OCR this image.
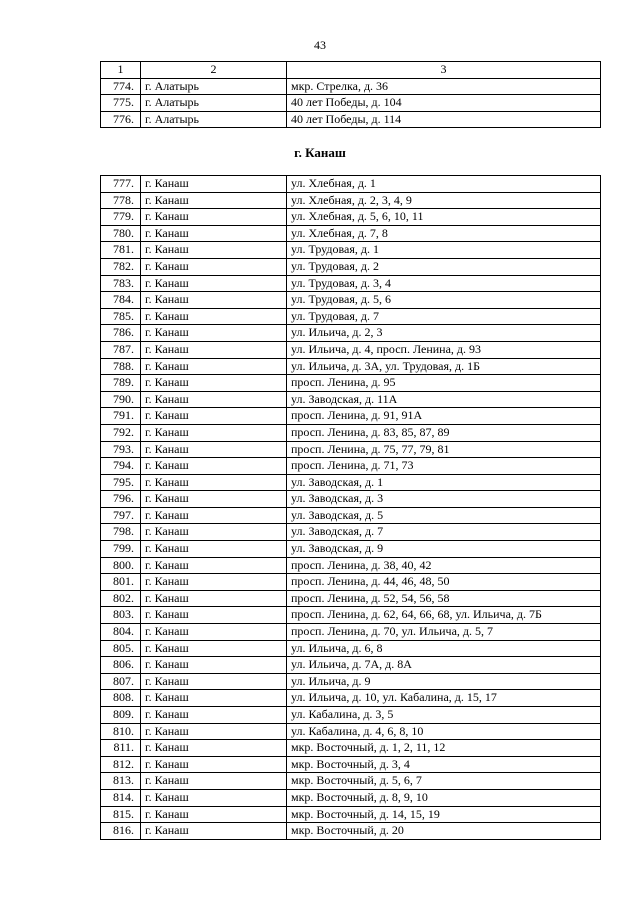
43
1	2	3
774.	г. Алатырь	мкр. Стрелка, д. 36
775.	г. Алатырь	40 лет Победы, д. 104
776.	г. Алатырь	40 лет Победы, д. 114
г. Канаш
777.	г. Канаш	ул. Хлебная, д. 1
778.	г. Канаш	ул. Хлебная, д. 2, 3, 4, 9
779.	г. Канаш	ул. Хлебная, д. 5, 6, 10, 11
780.	г. Канаш	ул. Хлебная, д. 7, 8
781.	г. Канаш	ул. Трудовая, д. 1
782.	г. Канаш	ул. Трудовая, д. 2
783.	г. Канаш	ул. Трудовая, д. 3, 4
784.	г. Канаш	ул. Трудовая, д. 5, 6
785.	г. Канаш	ул. Трудовая, д. 7
786.	г. Канаш	ул. Ильича, д. 2, 3
787.	г. Канаш	ул. Ильича, д. 4, просп. Ленина, д. 93
788.	г. Канаш	ул. Ильича, д. 3А, ул. Трудовая, д. 1Б
789.	г. Канаш	просп. Ленина, д. 95
790.	г. Канаш	ул. Заводская, д. 11А
791.	г. Канаш	просп. Ленина, д. 91, 91А
792.	г. Канаш	просп. Ленина, д. 83, 85, 87, 89
793.	г. Канаш	просп. Ленина, д. 75, 77, 79, 81
794.	г. Канаш	просп. Ленина, д. 71, 73
795.	г. Канаш	ул. Заводская, д. 1
796.	г. Канаш	ул. Заводская, д. 3
797.	г. Канаш	ул. Заводская, д. 5
798.	г. Канаш	ул. Заводская, д. 7
799.	г. Канаш	ул. Заводская, д. 9
800.	г. Канаш	просп. Ленина, д. 38, 40, 42
801.	г. Канаш	просп. Ленина, д. 44, 46, 48, 50
802.	г. Канаш	просп. Ленина, д. 52, 54, 56, 58
803.	г. Канаш	просп. Ленина, д. 62, 64, 66, 68, ул. Ильича, д. 7Б
804.	г. Канаш	просп. Ленина, д. 70, ул. Ильича, д. 5, 7
805.	г. Канаш	ул. Ильича, д. 6, 8
806.	г. Канаш	ул. Ильича, д. 7А, д. 8А
807.	г. Канаш	ул. Ильича, д. 9
808.	г. Канаш	ул. Ильича, д. 10, ул. Кабалина, д. 15, 17
809.	г. Канаш	ул. Кабалина, д. 3, 5
810.	г. Канаш	ул. Кабалина, д. 4, 6, 8, 10
811.	г. Канаш	мкр. Восточный, д. 1, 2, 11, 12
812.	г. Канаш	мкр. Восточный, д. 3, 4
813.	г. Канаш	мкр. Восточный, д. 5, 6, 7
814.	г. Канаш	мкр. Восточный, д. 8, 9, 10
815.	г. Канаш	мкр. Восточный, д. 14, 15, 19
816.	г. Канаш	мкр. Восточный, д. 20
